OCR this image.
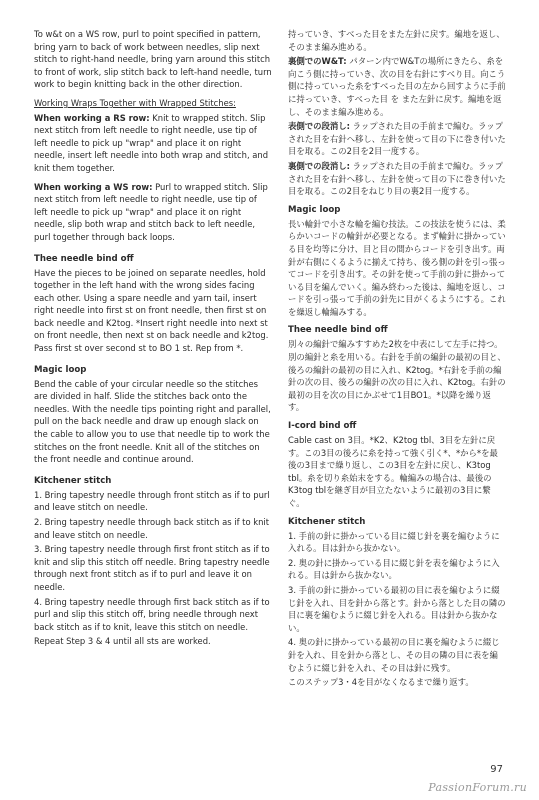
To w&t on a WS row, purl to point specified in pattern, bring yarn to back of work between needles, slip next stitch to right-hand needle, bring yarn around this stitch to front of work, slip stitch back to left-hand needle, turn work to begin knitting back in the other direction.

Working Wraps Together with Wrapped Stitches:

When working a RS row: Knit to wrapped stitch. Slip next stitch from left needle to right needle, use tip of left needle to pick up "wrap" and place it on right needle, insert left needle into both wrap and stitch, and knit them together.

When working a WS row: Purl to wrapped stitch. Slip next stitch from left needle to right needle, use tip of left needle to pick up "wrap" and place it on right needle, slip both wrap and stitch back to left needle, purl together through back loops.

Thee needle bind off

Have the pieces to be joined on separate needles, hold together in the left hand with the wrong sides facing each other. Using a spare needle and yarn tail, insert right needle into first st on front needle, then first st on back needle and K2tog. *Insert right needle into next st on front needle, then next st on back needle and k2tog. Pass first st over second st to BO 1 st. Rep from *.

Magic loop

Bend the cable of your circular needle so the stitches are divided in half. Slide the stitches back onto the needles. With the needle tips pointing right and parallel, pull on the back needle and draw up enough slack on the cable to allow you to use that needle tip to work the stitches on the front needle. Knit all of the stitches on the front needle and continue around.

Kitchener stitch

1. Bring tapestry needle through front stitch as if to purl and leave stitch on needle.

2. Bring tapestry needle through back stitch as if to knit and leave stitch on needle.

3. Bring tapestry needle through first front stitch as if to knit and slip this stitch off needle. Bring tapestry needle through next front stitch as if to purl and leave it on needle.

4. Bring tapestry needle through first back stitch as if to purl and slip this stitch off, bring needle through next back stitch as if to knit, leave this stitch on needle.

Repeat Step 3 & 4 until all sts are worked.

持っていき、すべった目をまた左針に戻す。編地を返し、そのまま編み進める。

裏側でのW&T: パターン内でW&Tの場所にきたら、糸を向こう側に持っていき、次の目を右針にすべり目。向こう側に持っていった糸をすべった目の左から回すように手前に持っていき、すべった目 を また左針に戻す。編地を返し、そのまま編み進める。

表側での段消し: ラップされた目の手前まで編む。ラップされた目を右針へ移し、左針を使って目の下に巻き付いた目を取る。この2目を2目一度する。

裏側での段消し: ラップされた目の手前まで編む。ラップされた目を右針へ移し、左針を使って目の下に巻き付いた目を取る。この2目をねじり目の裏2目一度する。

Magic loop

長い輪針で小さな輪を編む技法。この技法を使うには、柔らかいコードの輪針が必要となる。まず輪針に掛かっている目を均等に分け、目と目の間からコードを引き出す。両針が右側にくるように揃えて持ち、後ろ側の針を引っ張ってコードを引き出す。その針を使って手前の針に掛かっている目を編んでいく。編み終わった後は、編地を返し、コードを引っ張って手前の針先に目がくるようにする。これを繰返し輪編みする。

Thee needle bind off

別々の編針で編みすすめた2枚を中表にして左手に持つ。別の編針と糸を用いる。右針を手前の編針の最初の目と、後ろの編針の最初の目に入れ、K2tog。*右針を手前の編針の次の目、後ろの編針の次の目に入れ、K2tog。右針の最初の目を次の目にかぶせて1目BO1。*以降を繰り返す。

I-cord bind off

Cable cast on 3目。*K2、K2tog tbl、3目を左針に戻す。この3目の後ろに糸を持って強く引く*、*から*を最後の3目まで繰り返し、この3目を左針に戻し、K3tog tbl。糸を切り糸始末をする。輪編みの場合は、最後のK3tog tblを継ぎ目が目立たないように最初の3目に繋ぐ。

Kitchener stitch

1. 手前の針に掛かっている目に綴じ針を裏を編むように入れる。目は針から抜かない。

2. 奥の針に掛かっている目に綴じ針を表を編むように入れる。目は針から抜かない。

3. 手前の針に掛かっている最初の目に表を編むように綴じ針を入れ、目を針から落とす。針から落とした目の隣の目に裏を編むように綴じ針を入れる。目は針から抜かない。

4. 奥の針に掛かっている最初の目に裏を編むように綴じ針を入れ、目を針から落とし、その目の隣の目に表を編むように綴じ針を入れ、その目は針に残す。

このステップ3・4を目がなくなるまで繰り返す。

97
PassionForum.ru
